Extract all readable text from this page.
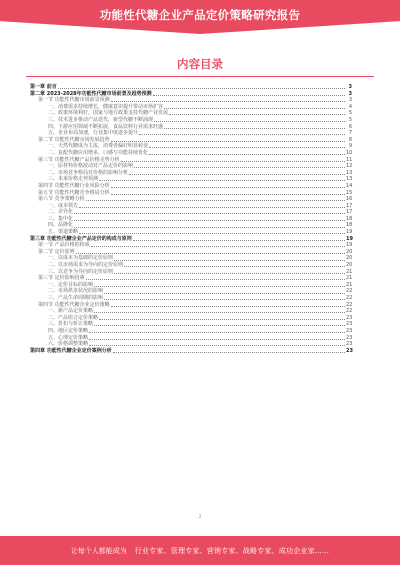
功能性代糖企业产品定价策略研究报告
内容目录
第一章 前言	3
第二章 2023-2028年功能性代糖市场前景及趋势预测	3
第一节 功能性代糖市场前景预测	3
一、消费需求持续增长，健康意识提升带动市场扩容	4
二、政策环境利好，国家与地方政策支持代糖产业发展	5
三、技术进步推动产品迭代，新型代糖不断涌现	5
四、下游应用领域不断拓展，食品饮料行业需求旺盛	6
五、企业布局加速，行业集中度逐步提升	7
第二节 功能性代糖市场发展趋势	8
一、天然代糖成为主流，消费者偏好明显转变	9
二、复配代糖应用增多，口感与功能持续优化	10
第三节 功能性代糖产品价格走势分析	11
一、原材料价格波动对产品定价的影响	12
二、市场竞争格局对价格的影响分析	13
三、未来价格走势预测	13
第四节 功能性代糖行业风险分析	14
第五节 功能性代糖竞争格局分析	15
第六节 竞争策略分析	16
一、成本领先	17
二、差异化	17
三、集中化	18
四、品牌化	18
五、渠道策略	19
第三章 功能性代糖企业产品定价的构成与原则	19
第一节 产品价格的构成	19
第二节 定价原则	20
一、以成本为基础的定价原则	20
二、以市场需求为导向的定价原则	20
三、以竞争为导向的定价原则	21
第三节 定价影响因素	21
一、定价目标的影响	21
二、市场供求状况的影响	22
三、产品生命周期的影响	22
第四节 功能性代糖企业定价策略	22
一、新产品定价策略	22
二、产品组合定价策略	23
三、折扣与折让策略	23
四、地区定价策略	23
五、心理定价策略	23
六、价格调整策略	23
第四章 功能性代糖企业定价案例分析	23
2
让每个人都能成为 行业专家、管理专家、营销专家、战略专家、成功企业家……
